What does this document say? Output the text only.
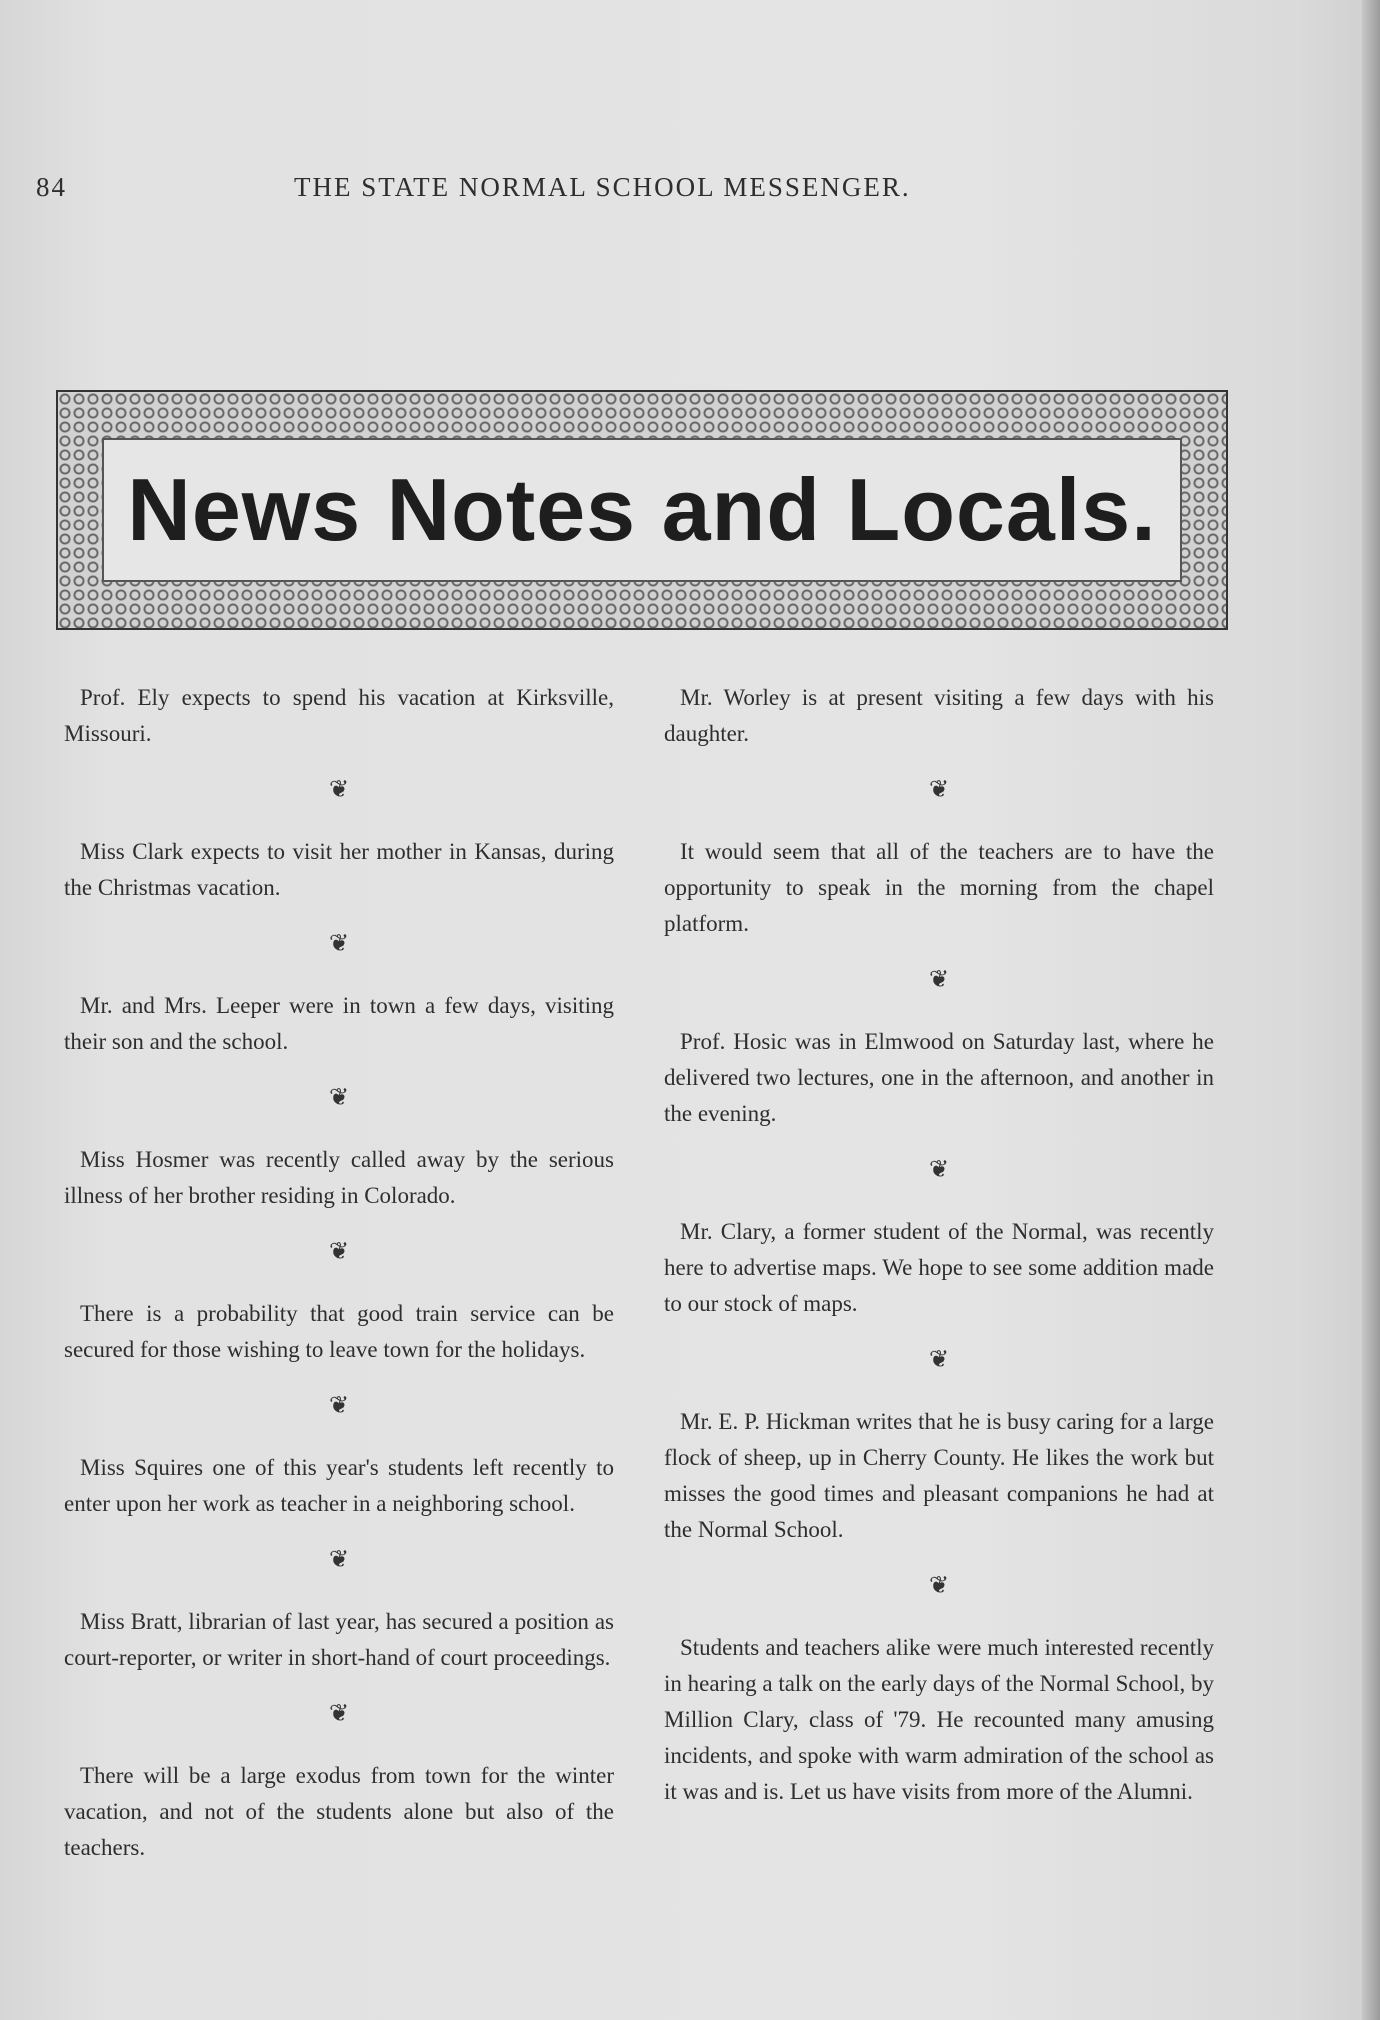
84	THE STATE NORMAL SCHOOL MESSENGER.
News Notes and Locals.

Prof. Ely expects to spend his vacation at Kirksville, Missouri.

❦

Miss Clark expects to visit her mother in Kansas, during the Christmas vacation.

❦

Mr. and Mrs. Leeper were in town a few days, visiting their son and the school.

❦

Miss Hosmer was recently called away by the serious illness of her brother residing in Colorado.

❦

There is a probability that good train service can be secured for those wishing to leave town for the holidays.

❦

Miss Squires one of this year's students left recently to enter upon her work as teacher in a neighboring school.

❦

Miss Bratt, librarian of last year, has secured a position as court-reporter, or writer in short-hand of court proceedings.

❦

There will be a large exodus from town for the winter vacation, and not of the students alone but also of the teachers.

Mr. Worley is at present visiting a few days with his daughter.

❦

It would seem that all of the teachers are to have the opportunity to speak in the morning from the chapel platform.

❦

Prof. Hosic was in Elmwood on Saturday last, where he delivered two lectures, one in the afternoon, and another in the evening.

❦

Mr. Clary, a former student of the Normal, was recently here to advertise maps. We hope to see some addition made to our stock of maps.

❦

Mr. E. P. Hickman writes that he is busy caring for a large flock of sheep, up in Cherry County. He likes the work but misses the good times and pleasant companions he had at the Normal School.

❦

Students and teachers alike were much interested recently in hearing a talk on the early days of the Normal School, by Million Clary, class of '79. He recounted many amusing incidents, and spoke with warm admiration of the school as it was and is. Let us have visits from more of the Alumni.
